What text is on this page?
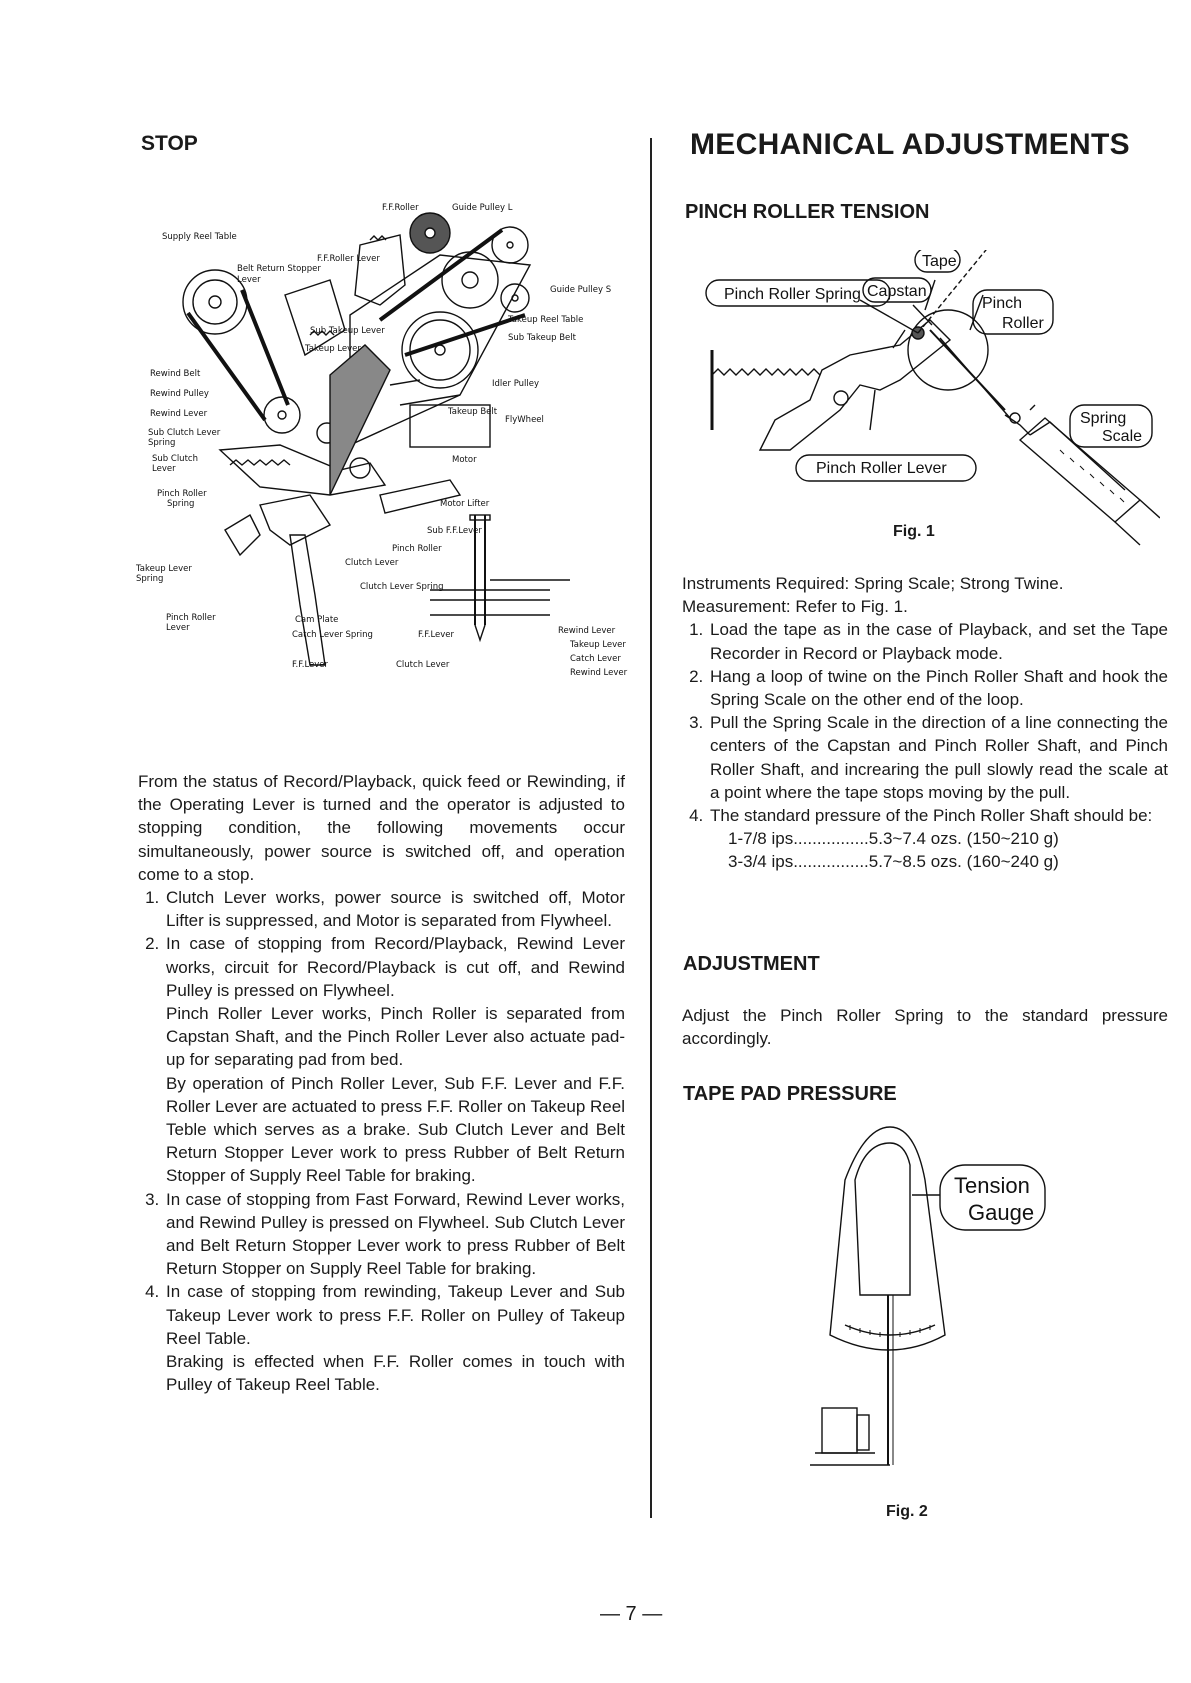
STOP
F.F.Roller	Guide Pulley L
Supply Reel Table
F.F.Roller Lever
Belt Return Stopper
Lever
Guide Pulley S
Takeup Reel Table
Sub Takeup Lever
Sub Takeup Belt
Takeup Lever
Rewind Belt
Idler Pulley
Rewind Pulley
Takeup Belt
Rewind Lever
FlyWheel
Sub Clutch Lever
Spring
Motor
Sub Clutch
Lever
Pinch Roller
Spring	Motor Lifter
Sub F.F.Lever
Pinch Roller
Takeup Lever
Spring
Clutch Lever
Clutch Lever Spring
Pinch Roller
Lever
Cam Plate
Catch Lever Spring	F.F.Lever
F.F.Lever	Clutch Lever
Rewind Lever
Takeup Lever
Catch Lever
Rewind Lever

From the status of Record/Playback, quick feed or Rewinding, if the Operating Lever is turned and the operator is adjusted to stopping condition, the following movements occur simultaneously, power source is switched off, and operation come to a stop.

1. Clutch Lever works, power source is switched off, Motor Lifter is suppressed, and Motor is separated from Flywheel.

2. In case of stopping from Record/Playback, Rewind Lever works, circuit for Record/Playback is cut off, and Rewind Pulley is pressed on Flywheel.

Pinch Roller Lever works, Pinch Roller is separated from Capstan Shaft, and the Pinch Roller Lever also actuate pad-up for separating pad from bed.

By operation of Pinch Roller Lever, Sub F.F. Lever and F.F. Roller Lever are actuated to press F.F. Roller on Takeup Reel Teble which serves as a brake. Sub Clutch Lever and Belt Return Stopper Lever work to press Rubber of Belt Return Stopper of Supply Reel Table for braking.

3. In case of stopping from Fast Forward, Rewind Lever works, and Rewind Pulley is pressed on Flywheel. Sub Clutch Lever and Belt Return Stopper Lever work to press Rubber of Belt Return Stopper on Supply Reel Table for braking.

4. In case of stopping from rewinding, Takeup Lever and Sub Takeup Lever work to press F.F. Roller on Pulley of Takeup Reel Table.

Braking is effected when F.F. Roller comes in touch with Pulley of Takeup Reel Table.

MECHANICAL ADJUSTMENTS
PINCH ROLLER TENSION
Tape
Capstan
Pinch Roller Spring
Pinch
Roller
Spring
Scale
Pinch Roller Lever
Fig. 1

Instruments Required: Spring Scale; Strong Twine.

Measurement: Refer to Fig. 1.

1. Load the tape as in the case of Playback, and set the Tape Recorder in Record or Playback mode.
2. Hang a loop of twine on the Pinch Roller Shaft and hook the Spring Scale on the other end of the loop.
3. Pull the Spring Scale in the direction of a line connecting the centers of the Capstan and Pinch Roller Shaft, and Pinch Roller Shaft, and increaring the pull slowly read the scale at a point where the tape stops moving by the pull.
4. The standard pressure of the Pinch Roller Shaft should be:
1-7/8 ips................5.3~7.4 ozs. (150~210 g)
3-3/4 ips................5.7~8.5 ozs. (160~240 g)
ADJUSTMENT
Adjust the Pinch Roller Spring to the standard pressure accordingly.
TAPE PAD PRESSURE
Tension
Gauge
Fig. 2
— 7 —
